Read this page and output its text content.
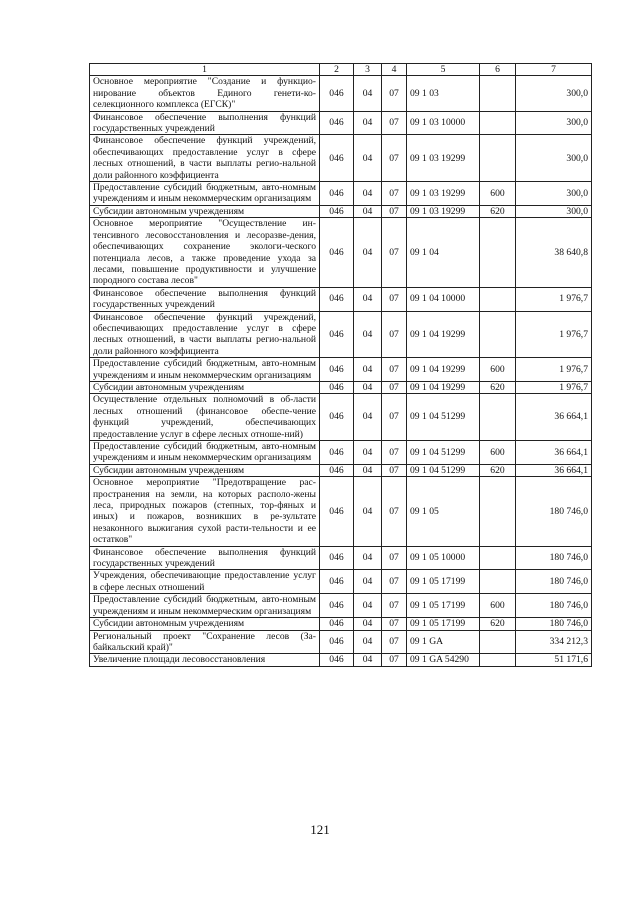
1	2	3	4	5	6	7
Основное мероприятие "Создание и функцио-нирование объектов Единого генети-ко-селекционного комплекса (ЕГСК)"	046	04	07	09 1 03		300,0
Финансовое обеспечение выполнения функций государственных учреждений	046	04	07	09 1 03 10000		300,0
Финансовое обеспечение функций учреждений, обеспечивающих предоставление услуг в сфере лесных отношений, в части выплаты регио-нальной доли районного коэффициента	046	04	07	09 1 03 19299		300,0
Предоставление субсидий бюджетным, авто-номным учреждениям и иным некоммерческим организациям	046	04	07	09 1 03 19299	600	300,0
Субсидии автономным учреждениям	046	04	07	09 1 03 19299	620	300,0
Основное мероприятие "Осуществление ин-тенсивного лесовосстановления и лесоразве-дения, обеспечивающих сохранение экологи-ческого потенциала лесов, а также проведение ухода за лесами, повышение продуктивности и улучшение породного состава лесов"	046	04	07	09 1 04		38 640,8
Финансовое обеспечение выполнения функций государственных учреждений	046	04	07	09 1 04 10000		1 976,7
Финансовое обеспечение функций учреждений, обеспечивающих предоставление услуг в сфере лесных отношений, в части выплаты регио-нальной доли районного коэффициента	046	04	07	09 1 04 19299		1 976,7
Предоставление субсидий бюджетным, авто-номным учреждениям и иным некоммерческим организациям	046	04	07	09 1 04 19299	600	1 976,7
Субсидии автономным учреждениям	046	04	07	09 1 04 19299	620	1 976,7
Осуществление отдельных полномочий в об-ласти лесных отношений (финансовое обеспе-чение функций учреждений, обеспечивающих предоставление услуг в сфере лесных отноше-ний)	046	04	07	09 1 04 51299		36 664,1
Предоставление субсидий бюджетным, авто-номным учреждениям и иным некоммерческим организациям	046	04	07	09 1 04 51299	600	36 664,1
Субсидии автономным учреждениям	046	04	07	09 1 04 51299	620	36 664,1
Основное мероприятие "Предотвращение рас-пространения на земли, на которых располо-жены леса, природных пожаров (степных, тор-фяных и иных) и пожаров, возникших в ре-зультате незаконного выжигания сухой расти-тельности и ее остатков"	046	04	07	09 1 05		180 746,0
Финансовое обеспечение выполнения функций государственных учреждений	046	04	07	09 1 05 10000		180 746,0
Учреждения, обеспечивающие предоставление услуг в сфере лесных отношений	046	04	07	09 1 05 17199		180 746,0
Предоставление субсидий бюджетным, авто-номным учреждениям и иным некоммерческим организациям	046	04	07	09 1 05 17199	600	180 746,0
Субсидии автономным учреждениям	046	04	07	09 1 05 17199	620	180 746,0
Региональный проект "Сохранение лесов (За-байкальский край)"	046	04	07	09 1 GA		334 212,3
Увеличение площади лесовосстановления	046	04	07	09 1 GA 54290		51 171,6
121
